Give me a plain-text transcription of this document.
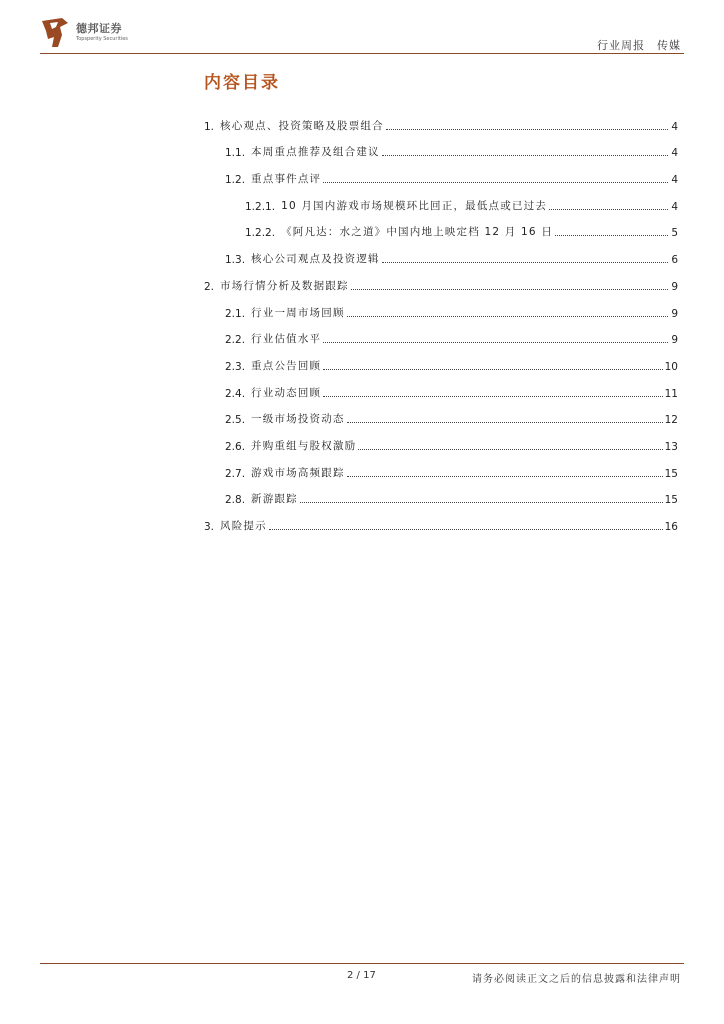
德邦证券
Topsperity Securities	行业周报 传媒
内容目录
1. 核心观点、投资策略及股票组合	4
1.1. 本周重点推荐及组合建议	4
1.2. 重点事件点评	4
1.2.1. 10 月国内游戏市场规模环比回正，最低点或已过去	4
1.2.2. 《阿凡达：水之道》中国内地上映定档 12 月 16 日	5
1.3. 核心公司观点及投资逻辑	6
2. 市场行情分析及数据跟踪	9
2.1. 行业一周市场回顾	9
2.2. 行业估值水平	9
2.3. 重点公告回顾	10
2.4. 行业动态回顾	11
2.5. 一级市场投资动态	12
2.6. 并购重组与股权激励	13
2.7. 游戏市场高频跟踪	15
2.8. 新游跟踪	15
3. 风险提示	16
2 / 17	请务必阅读正文之后的信息披露和法律声明
